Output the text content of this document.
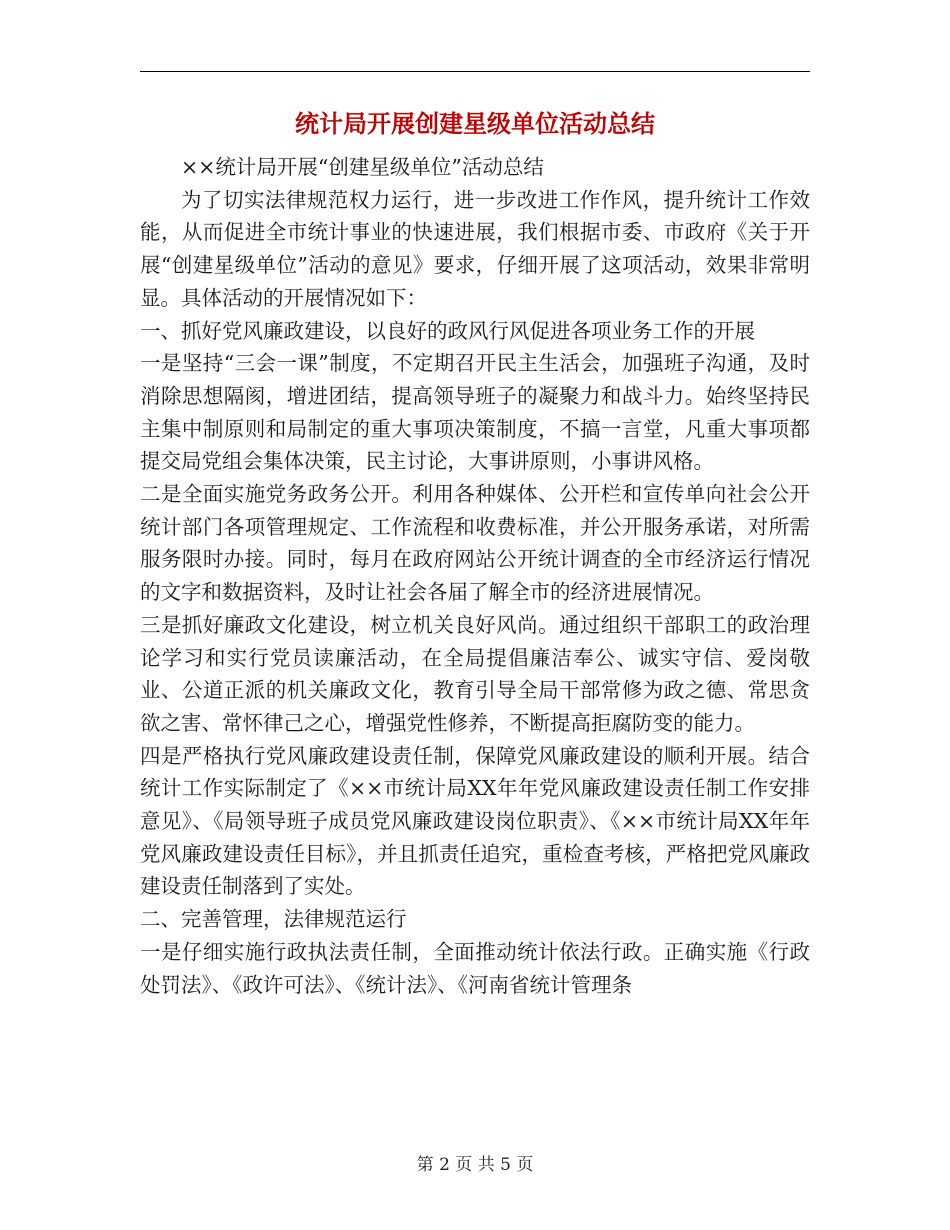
统计局开展创建星级单位活动总结

××统计局开展“创建星级单位”活动总结

为了切实法律规范权力运行，进一步改进工作作风，提升统计工作效能，从而促进全市统计事业的快速进展，我们根据市委、市政府《关于开展“创建星级单位”活动的意见》要求，仔细开展了这项活动，效果非常明显。具体活动的开展情况如下：

一、抓好党风廉政建设，以良好的政风行风促进各项业务工作的开展

一是坚持“三会一课”制度，不定期召开民主生活会，加强班子沟通，及时消除思想隔阂，增进团结，提高领导班子的凝聚力和战斗力。始终坚持民主集中制原则和局制定的重大事项决策制度，不搞一言堂，凡重大事项都提交局党组会集体决策，民主讨论，大事讲原则，小事讲风格。

二是全面实施党务政务公开。利用各种媒体、公开栏和宣传单向社会公开统计部门各项管理规定、工作流程和收费标准，并公开服务承诺，对所需服务限时办接。同时，每月在政府网站公开统计调查的全市经济运行情况的文字和数据资料，及时让社会各届了解全市的经济进展情况。

三是抓好廉政文化建设，树立机关良好风尚。通过组织干部职工的政治理论学习和实行党员读廉活动，在全局提倡廉洁奉公、诚实守信、爱岗敬业、公道正派的机关廉政文化，教育引导全局干部常修为政之德、常思贪欲之害、常怀律己之心，增强党性修养，不断提高拒腐防变的能力。

四是严格执行党风廉政建设责任制，保障党风廉政建设的顺利开展。结合统计工作实际制定了《××市统计局XX年年党风廉政建设责任制工作安排意见》、《局领导班子成员党风廉政建设岗位职责》、《××市统计局XX年年党风廉政建设责任目标》，并且抓责任追究，重检查考核，严格把党风廉政建设责任制落到了实处。

二、完善管理，法律规范运行

一是仔细实施行政执法责任制，全面推动统计依法行政。正确实施《行政处罚法》、《政许可法》、《统计法》、《河南省统计管理条

第 2 页 共 5 页
